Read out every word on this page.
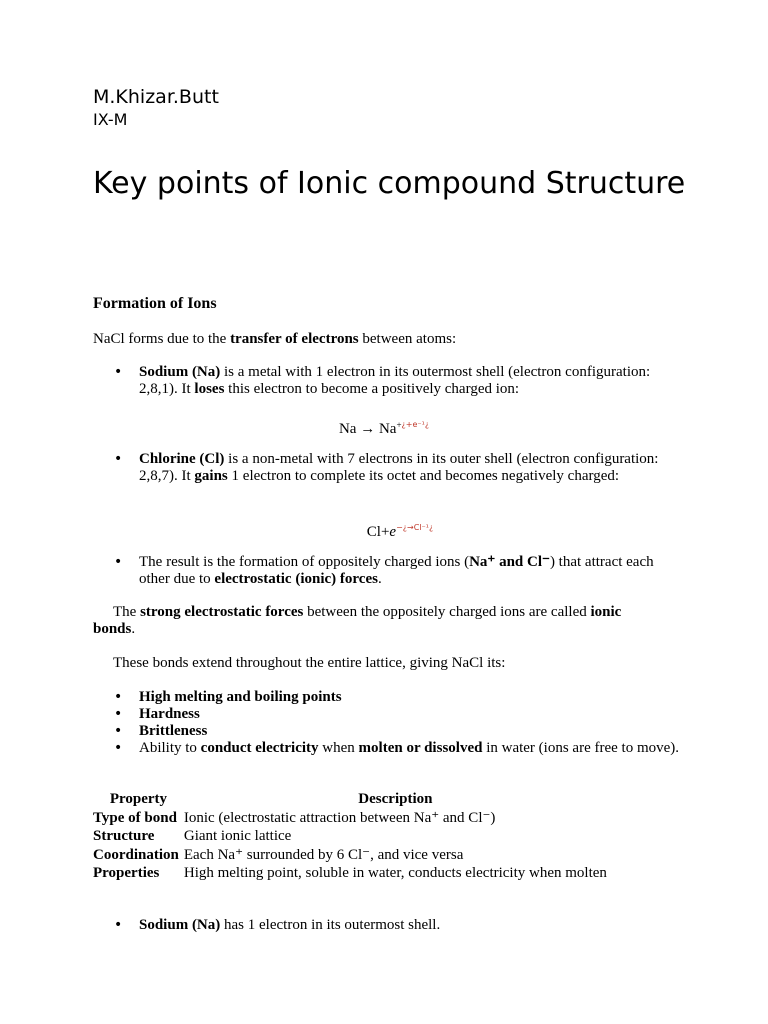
M.Khizar.Butt
IX-M
Key points of Ionic compound Structure
Formation of Ions
NaCl forms due to the transfer of electrons between atoms:
• Sodium (Na) is a metal with 1 electron in its outermost shell (electron configuration: 2,8,1). It loses this electron to become a positively charged ion:
$Na \to Na^{+¿+e^{-1}¿}$
• Chlorine (Cl) is a non-metal with 7 electrons in its outer shell (electron configuration: 2,8,7). It gains 1 electron to complete its octet and becomes negatively charged:
$Cl+e^{-¿\to Cl^{-1}¿}$
• The result is the formation of oppositely charged ions (Na⁺ and Cl⁻) that attract each other due to electrostatic (ionic) forces.
The strong electrostatic forces between the oppositely charged ions are called ionic bonds.
These bonds extend throughout the entire lattice, giving NaCl its:
• High melting and boiling points
• Hardness
• Brittleness
• Ability to conduct electricity when molten or dissolved in water (ions are free to move).
Property	Description
Type of bond	Ionic (electrostatic attraction between Na⁺ and Cl⁻)
Structure	Giant ionic lattice
Coordination	Each Na⁺ surrounded by 6 Cl⁻, and vice versa
Properties	High melting point, soluble in water, conducts electricity when molten
• Sodium (Na) has 1 electron in its outermost shell.
